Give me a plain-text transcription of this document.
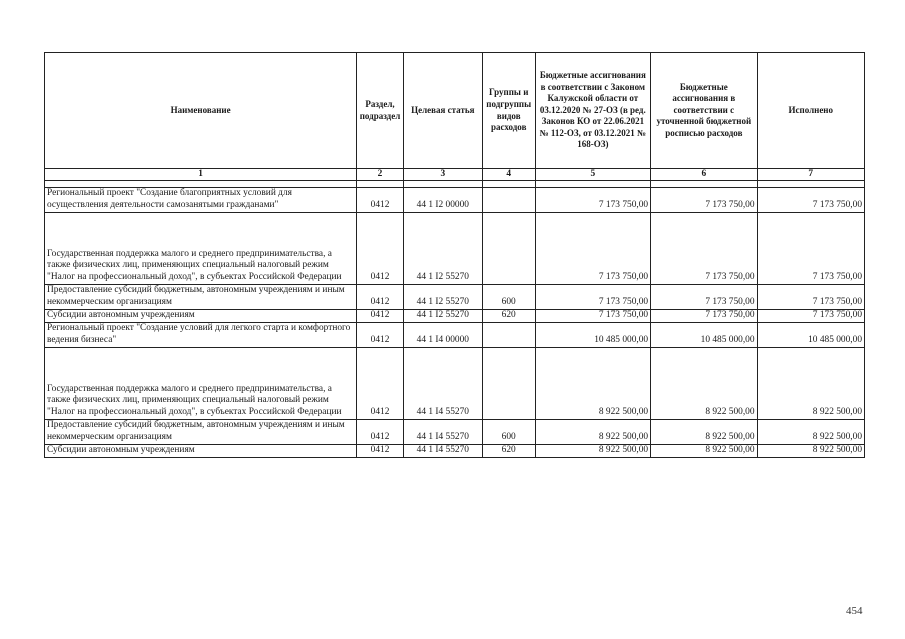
Наименование	Раздел, подраздел	Целевая статья	Группы и подгруппы видов расходов	Бюджетные ассигнования в соответствии с Законом Калужской области от 03.12.2020 № 27-ОЗ (в ред. Законов КО от 22.06.2021 № 112-ОЗ, от 03.12.2021 № 168-ОЗ)	Бюджетные ассигнования в соответствии с уточненной бюджетной росписью расходов	Исполнено
1	2	3	4	5	6	7

Региональный проект "Создание благоприятных условий для осуществления деятельности самозанятыми гражданами"	0412	44 1 I2 00000		7 173 750,00	7 173 750,00	7 173 750,00
Государственная поддержка малого и среднего предпринимательства, а также физических лиц, применяющих специальный налоговый режим "Налог на профессиональный доход", в субъектах Российской Федерации	0412	44 1 I2 55270		7 173 750,00	7 173 750,00	7 173 750,00
Предоставление субсидий бюджетным, автономным учреждениям и иным некоммерческим организациям	0412	44 1 I2 55270	600	7 173 750,00	7 173 750,00	7 173 750,00
Субсидии автономным учреждениям	0412	44 1 I2 55270	620	7 173 750,00	7 173 750,00	7 173 750,00
Региональный проект "Создание условий для легкого старта и комфортного ведения бизнеса"	0412	44 1 I4 00000		10 485 000,00	10 485 000,00	10 485 000,00
Государственная поддержка малого и среднего предпринимательства, а также физических лиц, применяющих специальный налоговый режим "Налог на профессиональный доход", в субъектах Российской Федерации	0412	44 1 I4 55270		8 922 500,00	8 922 500,00	8 922 500,00
Предоставление субсидий бюджетным, автономным учреждениям и иным некоммерческим организациям	0412	44 1 I4 55270	600	8 922 500,00	8 922 500,00	8 922 500,00
Субсидии автономным учреждениям	0412	44 1 I4 55270	620	8 922 500,00	8 922 500,00	8 922 500,00
454
